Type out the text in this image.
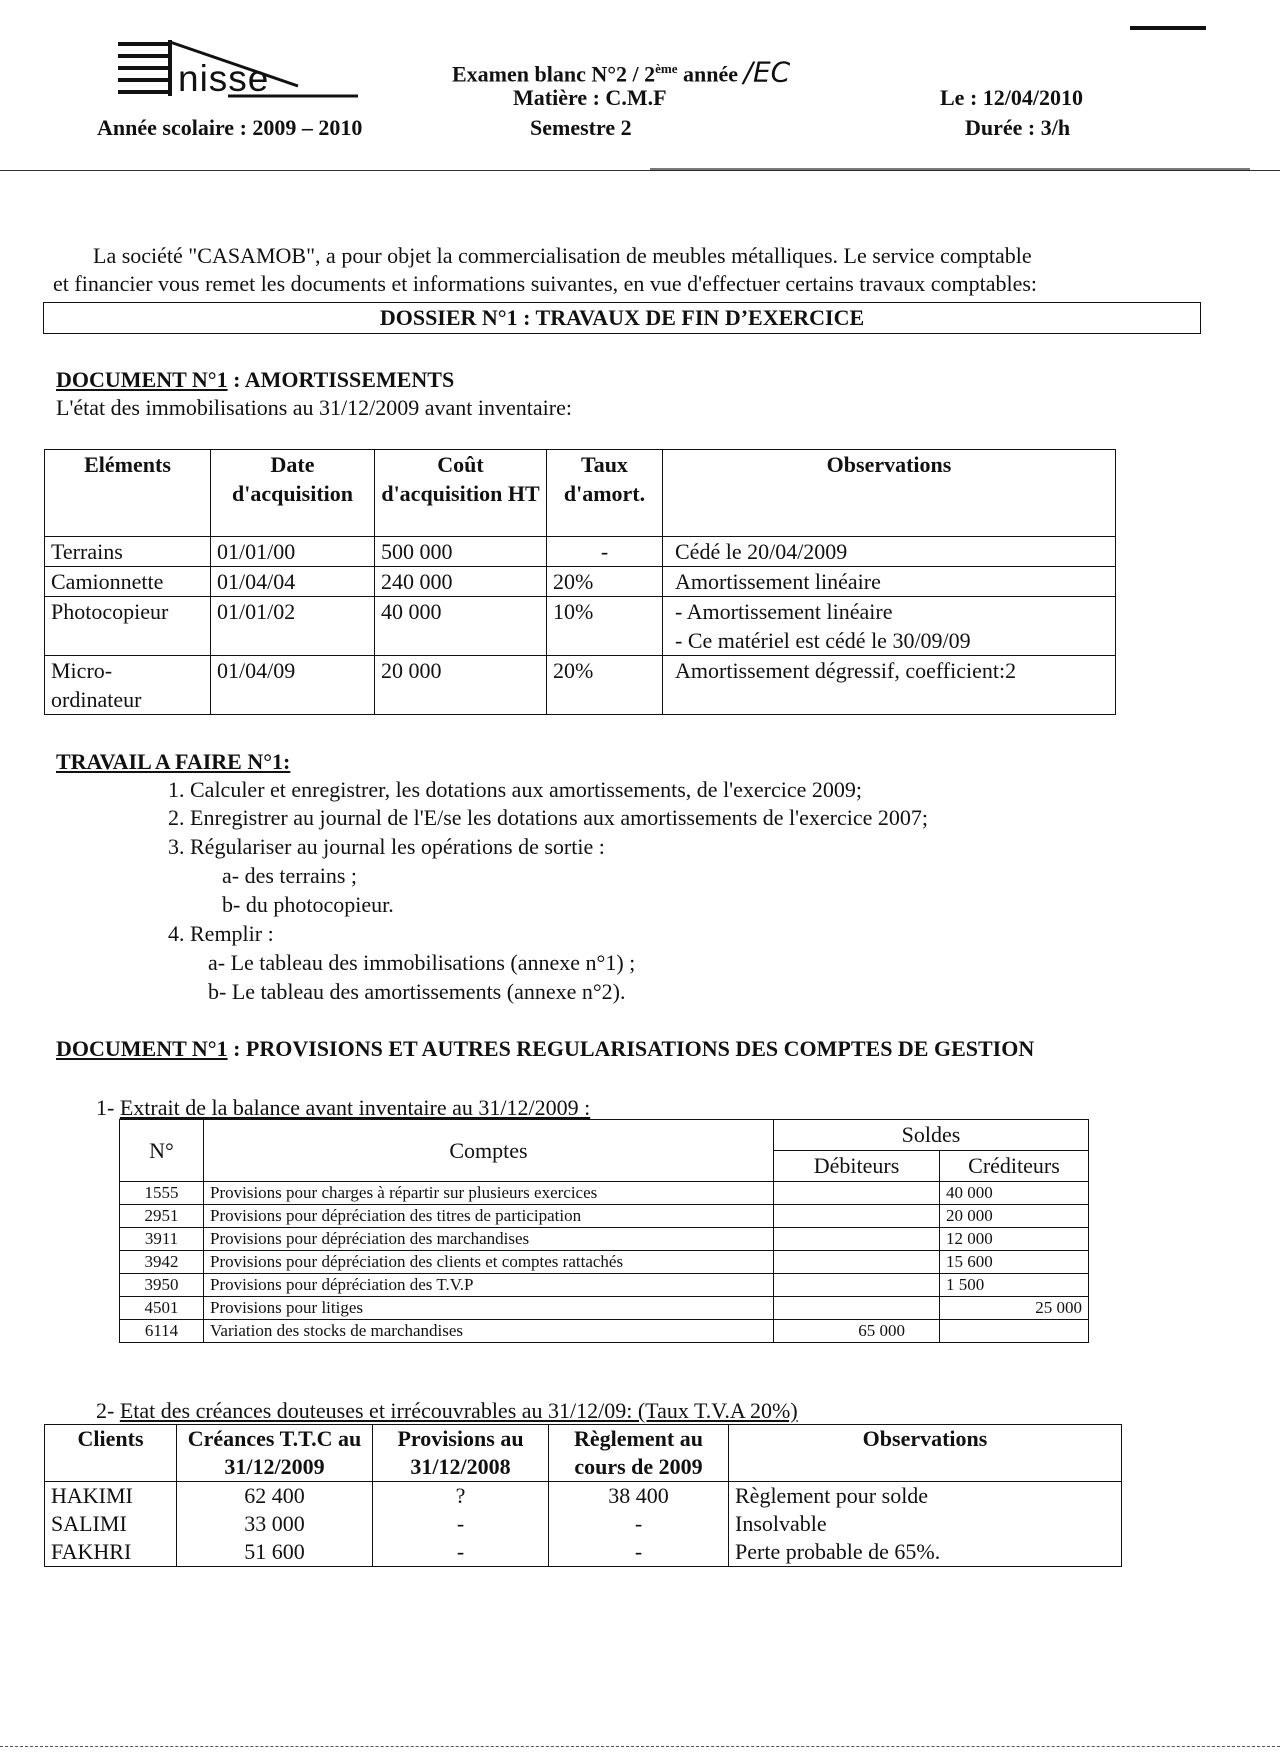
nisse
Année scolaire : 2009 – 2010
Examen blanc N°2 / 2ème année /EC
Matière : C.M.F
Semestre 2
Le : 12/04/2010
Durée : 3/h
La société "CASAMOB", a pour objet la commercialisation de meubles métalliques. Le service comptable
et financier vous remet les documents et informations suivantes, en vue d'effectuer certains travaux comptables:
DOSSIER N°1 : TRAVAUX DE FIN D’EXERCICE
DOCUMENT N°1 : AMORTISSEMENTS
L'état des immobilisations au 31/12/2009 avant inventaire:
Eléments	Date d'acquisition	Coût d'acquisition HT	Taux d'amort.	Observations
Terrains	01/01/00	500 000	-	Cédé le 20/04/2009
Camionnette	01/04/04	240 000	20%	Amortissement linéaire
Photocopieur	01/01/02	40 000	10%	- Amortissement linéaire
- Ce matériel est cédé le 30/09/09

Micro-
ordinateur	01/04/09	20 000	20%	Amortissement dégressif, coefficient:2
TRAVAIL A FAIRE N°1:
1. Calculer et enregistrer, les dotations aux amortissements, de l'exercice 2009;
2. Enregistrer au journal de l'E/se les dotations aux amortissements de l'exercice 2007;
3. Régulariser au journal les opérations de sortie :
a- des terrains ;
b- du photocopieur.
4. Remplir :
a- Le tableau des immobilisations (annexe n°1) ;
b- Le tableau des amortissements (annexe n°2).
DOCUMENT N°1 : PROVISIONS ET AUTRES REGULARISATIONS DES COMPTES DE GESTION
1- Extrait de la balance avant inventaire au 31/12/2009 :
N°	Comptes	Soldes	
		Débiteurs	Créditeurs
1555	Provisions pour charges à répartir sur plusieurs exercices		40 000
2951	Provisions pour dépréciation des titres de participation		20 000
3911	Provisions pour dépréciation des marchandises		12 000
3942	Provisions pour dépréciation des clients et comptes rattachés		15 600
3950	Provisions pour dépréciation des T.V.P		1 500
4501	Provisions pour litiges		25 000
6114	Variation des stocks de marchandises	65 000	
2- Etat des créances douteuses et irrécouvrables au 31/12/09: (Taux T.V.A 20%)
Clients	Créances T.T.C au 31/12/2009	Provisions au 31/12/2008	Règlement au cours de 2009	Observations
HAKIMI	62 400	?	38 400	Règlement pour solde
SALIMI	33 000	-	-	Insolvable
FAKHRI	51 600	-	-	Perte probable de 65%.
